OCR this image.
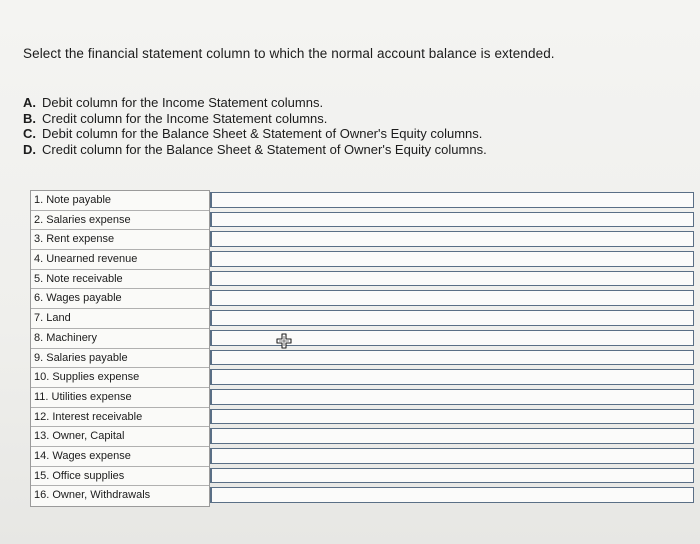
Select the financial statement column to which the normal account balance is extended.
A. Debit column for the Income Statement columns.
B. Credit column for the Income Statement columns.
C. Debit column for the Balance Sheet & Statement of Owner's Equity columns.
D. Credit column for the Balance Sheet & Statement of Owner's Equity columns.
1. Note payable
2. Salaries expense
3. Rent expense
4. Unearned revenue
5. Note receivable
6. Wages payable
7. Land
8. Machinery
9. Salaries payable
10. Supplies expense
11. Utilities expense
12. Interest receivable
13. Owner, Capital
14. Wages expense
15. Office supplies
16. Owner, Withdrawals
